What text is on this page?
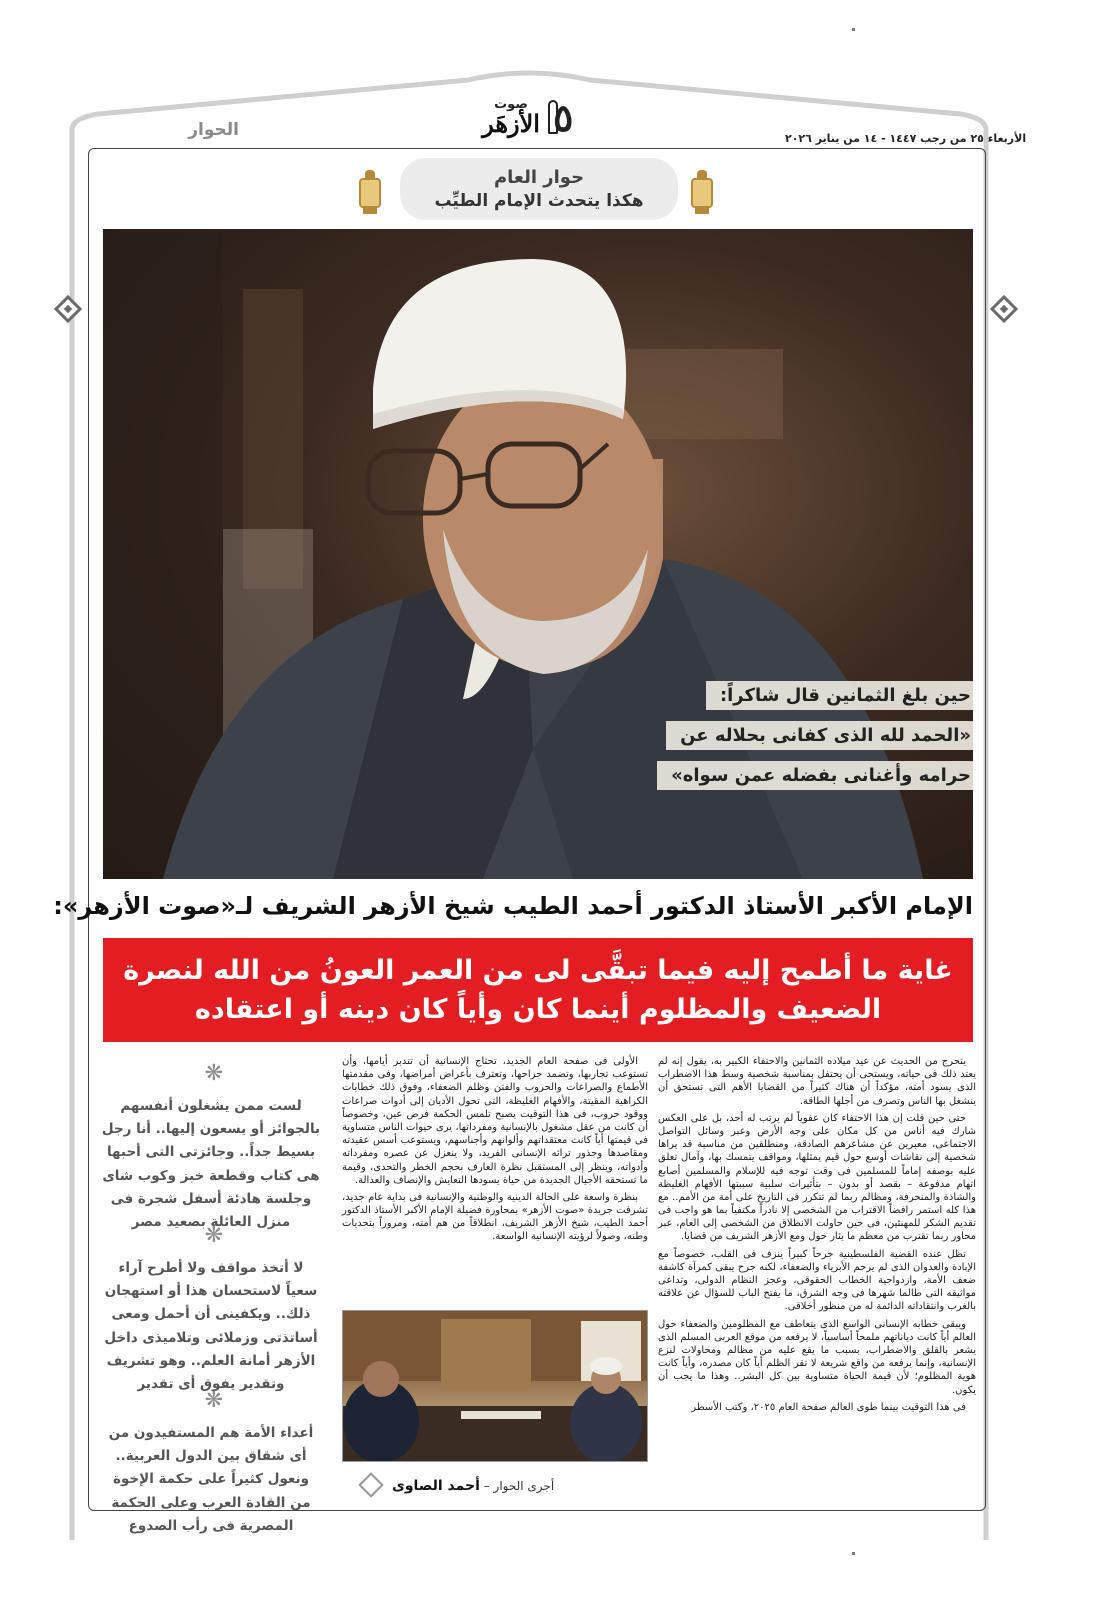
٥
صوت
الأزهَر
الحوار	الأربعاء ٢٥ من رجب ١٤٤٧ - ١٤ من يناير ٢٠٢٦
حوار العام
هكذا يتحدث الإمام الطيِّب
حين بلغ الثمانين قال شاكراً:
«الحمد لله الذى كفانى بحلاله عن
حرامه وأغنانى بفضله عمن سواه»
الإمام الأكبر الأستاذ الدكتور أحمد الطيب شيخ الأزهر الشريف لـ«صوت الأزهر»:
غاية ما أطمح إليه فيما تبقَّى لى من العمر العونُ من الله لنصرة
الضعيف والمظلوم أينما كان وأياً كان دينه أو اعتقاده

يتحرج من الحديث عن عيد ميلاده الثمانين والاحتفاء الكبير به، يقول إنه لم يعتد ذلك فى حياته، ويستحى أن يحتفل بمناسبة شخصية وسط هذا الاضطراب الذى يسود أمته، مؤكداً أن هناك كثيراً من القضايا الأهم التى تستحق أن ينشغل بها الناس وتصرف من أجلها الطاقة.

حتى حين قلت إن هذا الاحتفاء كان عفوياً لم يرتب له أحد، بل على العكس شارك فيه أناس من كل مكان على وجه الأرض وعبر وسائل التواصل الاجتماعى، معبرين عن مشاعرهم الصادقة، ومنطلقين من مناسبة قد يراها شخصية إلى نقاشات أوسع حول قيم يمثلها، ومواقف يتمسك بها، وآمال تعلق عليه بوصفه إماماً للمسلمين فى وقت توجه فيه للإسلام والمسلمين أصابع اتهام مدفوعة – بقصد أو بدون – بتأثيرات سلبية سببتها الأفهام الغليظة والشاذة والمنحرفة، ومظالم ربما لم تتكرر فى التاريخ على أمة من الأمم.. مع هذا كله استمر رافضاً الاقتراب من الشخصى إلا نادراً مكتفياً بما هو واجب فى تقديم الشكر للمهنئين، فى حين حاولت الانطلاق من الشخصى إلى العام، عبر محاور ربما تقترب من معظم ما يثار حول ومع الأزهر الشريف من قضايا.

تظل عنده القضية الفلسطينية جرحاً كبيراً ينزف فى القلب، خصوصاً مع الإبادة والعدوان الذى لم يرحم الأبرياء والضعفاء، لكنه جرح يبقى كمرآة كاشفة ضعف الأمة، وازدواجية الخطاب الحقوقى، وعجز النظام الدولى، وتداعى مواثيقه التى طالما شهرها فى وجه الشرق، ما يفتح الباب للسؤال عن علاقته بالغرب وانتقاداته الدائمة له من منظور أخلاقى.

ويبقى خطابه الإنسانى الواسع الذى يتعاطف مع المظلومين والضعفاء حول العالم أياً كانت دياناتهم ملمحاً أساسياً، لا يرفعه من موقع العربى المسلم الذى يشعر بالقلق والاضطراب، بسبب ما يقع عليه من مظالم ومحاولات لنزع الإنسانية، وإنما يرفعه من واقع شريعة لا تقر الظلم أياً كان مصدره، وأياً كانت هوية المظلوم؛ لأن قيمة الحياة متساوية بين كل البشر.. وهذا ما يجب أن يكون.

فى هذا التوقيت بينما طوى العالم صفحة العام ٢٠٢٥، وكتب الأسطر

الأولى فى صفحة العام الجديد، تحتاج الإنسانية أن تتدبر أيامها، وأن تستوعب تجاربها، وتضمد جراحها، وتعترف بأعراض أمراضها، وفى مقدمتها الأطماع والصراعات والحروب والفتن وظلم الضعفاء، وفوق ذلك خطابات الكراهية المقيتة، والأفهام الغليظة، التى تحول الأديان إلى أدوات صراعات ووقود حروب، فى هذا التوقيت يصبح تلمس الحكمة فرض عين، وخصوصاً أن كانت من عقل مشغول بالإنسانية ومفرداتها، يرى حيوات الناس متساوية فى قيمتها أياً كانت معتقداتهم وألوانهم وأجناسهم، ويستوعب أسس عقيدته ومقاصدها وجذور تراثه الإنسانى الفريد، ولا ينعزل عن عصره ومفرداته وأدواته، وينظر إلى المستقبل نظرة العارف بحجم الخطر والتحدى، وقيمة ما تستحقه الأجيال الجديدة من حياة يسودها التعايش والإنصاف والعدالة.

بنظرة واسعة على الحالة الدينية والوطنية والإنسانية فى بداية عام جديد، تشرفت جريدة «صوت الأزهر» بمحاورة فضيلة الإمام الأكبر الأستاذ الدكتور أحمد الطيب، شيخ الأزهر الشريف، انطلاقاً من هم أمته، ومروراً بتحديات وطنه، وصولاً لرؤيته الإنسانية الواسعة.

أجرى الحوار – أحمد الصاوى
❋
لست ممن يشغلون أنفسهم بالجوائز أو يسعون إليها.. أنا رجل بسيط جداً.. وجائزتى التى أحبها هى كتاب وقطعة خبز وكوب شاى وجلسة هادئة أسفل شجرة فى منزل العائلة بصعيد مصر
❋
لا أتخذ مواقف ولا أطرح آراء سعياً لاستحسان هذا أو استهجان ذلك.. ويكفينى أن أحمل ومعى أساتذتى وزملائى وتلاميذى داخل الأزهر أمانة العلم.. وهو تشريف وتقدير يفوق أى تقدير
❋
أعداء الأمة هم المستفيدون من أى شقاق بين الدول العربية.. ونعول كثيراً على حكمة الإخوة من القادة العرب وعلى الحكمة المصرية فى رأب الصدوع
